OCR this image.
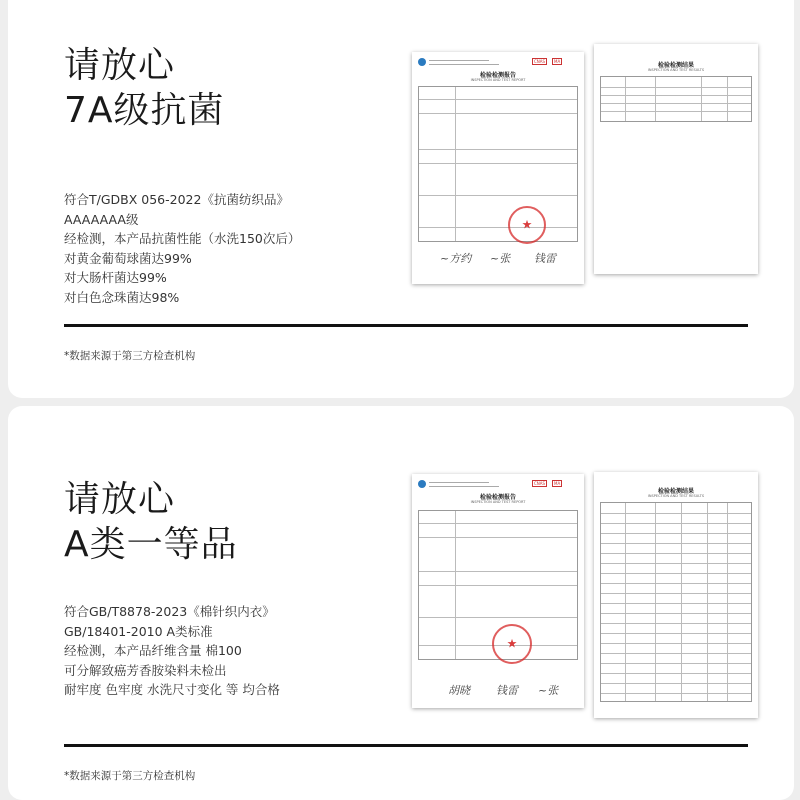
请放心
7A级抗菌
符合T/GDBX 056-2022《抗菌纺织品》
AAAAAAA级
经检测，本产品抗菌性能（水洗150次后）
对黄金葡萄球菌达99%
对大肠杆菌达99%
对白色念珠菌达98%
CNAS	MA
检验检测报告
INSPECTION AND TEST REPORT
★
~方约 ~张 钱雷
检验检测结果
INSPECTION AND TEST RESULTS
*数据来源于第三方检查机构
请放心
A类一等品
符合GB/T8878-2023《棉针织内衣》
GB/18401-2010 A类标准
经检测，本产品纤维含量 棉100
可分解致癌芳香胺染料未检出
耐牢度 色牢度 水洗尺寸变化 等 均合格
CNAS	MA
检验检测报告
INSPECTION AND TEST REPORT
★
胡晓 钱雷 ~张
检验检测结果
INSPECTION AND TEST RESULTS
*数据来源于第三方检查机构
